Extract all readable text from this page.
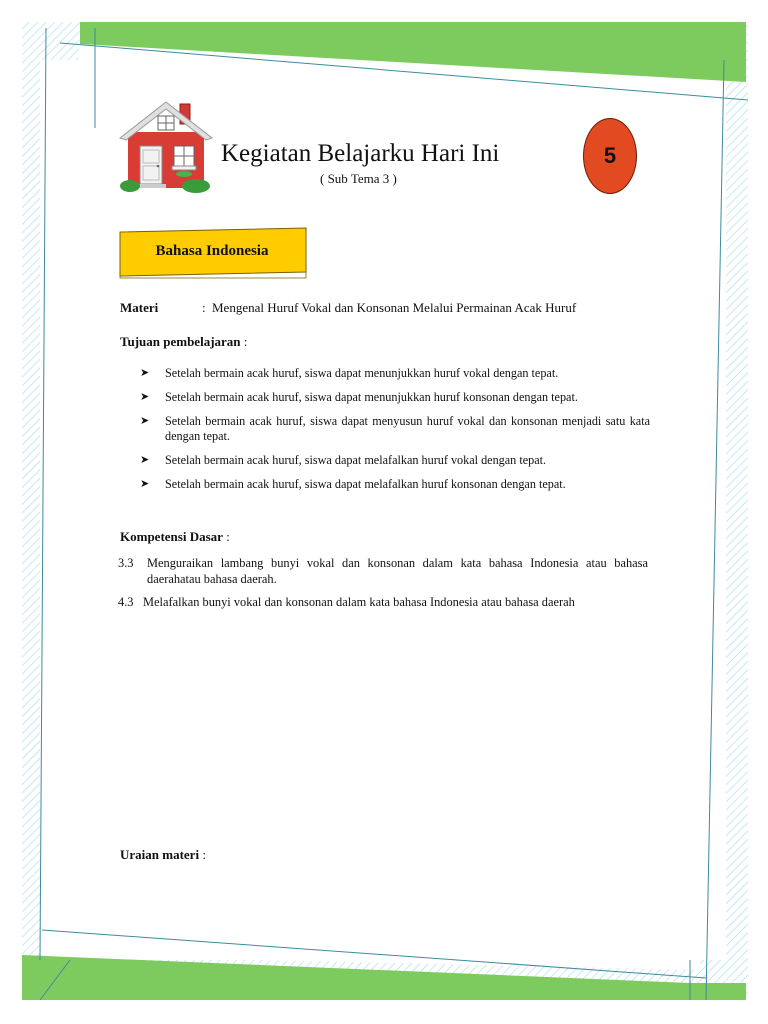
Kegiatan Belajarku Hari Ini
( Sub Tema 3 )
5
Bahasa Indonesia
Materi	: Mengenal Huruf Vokal dan Konsonan Melalui Permainan Acak Huruf
Tujuan pembelajaran :
➤ Setelah bermain acak huruf, siswa dapat menunjukkan huruf vokal dengan tepat.
➤ Setelah bermain acak huruf, siswa dapat menunjukkan huruf konsonan dengan tepat.
➤ Setelah bermain acak huruf, siswa dapat menyusun huruf vokal dan konsonan menjadi satu kata dengan tepat.
➤ Setelah bermain acak huruf, siswa dapat melafalkan huruf vokal dengan tepat.
➤ Setelah bermain acak huruf, siswa dapat melafalkan huruf konsonan dengan tepat.
Kompetensi Dasar :
3.3	Menguraikan lambang bunyi vokal dan konsonan dalam kata bahasa Indonesia atau bahasa daerahatau bahasa daerah.
4.3 Melafalkan bunyi vokal dan konsonan dalam kata bahasa Indonesia atau bahasa daerah
Uraian materi :
